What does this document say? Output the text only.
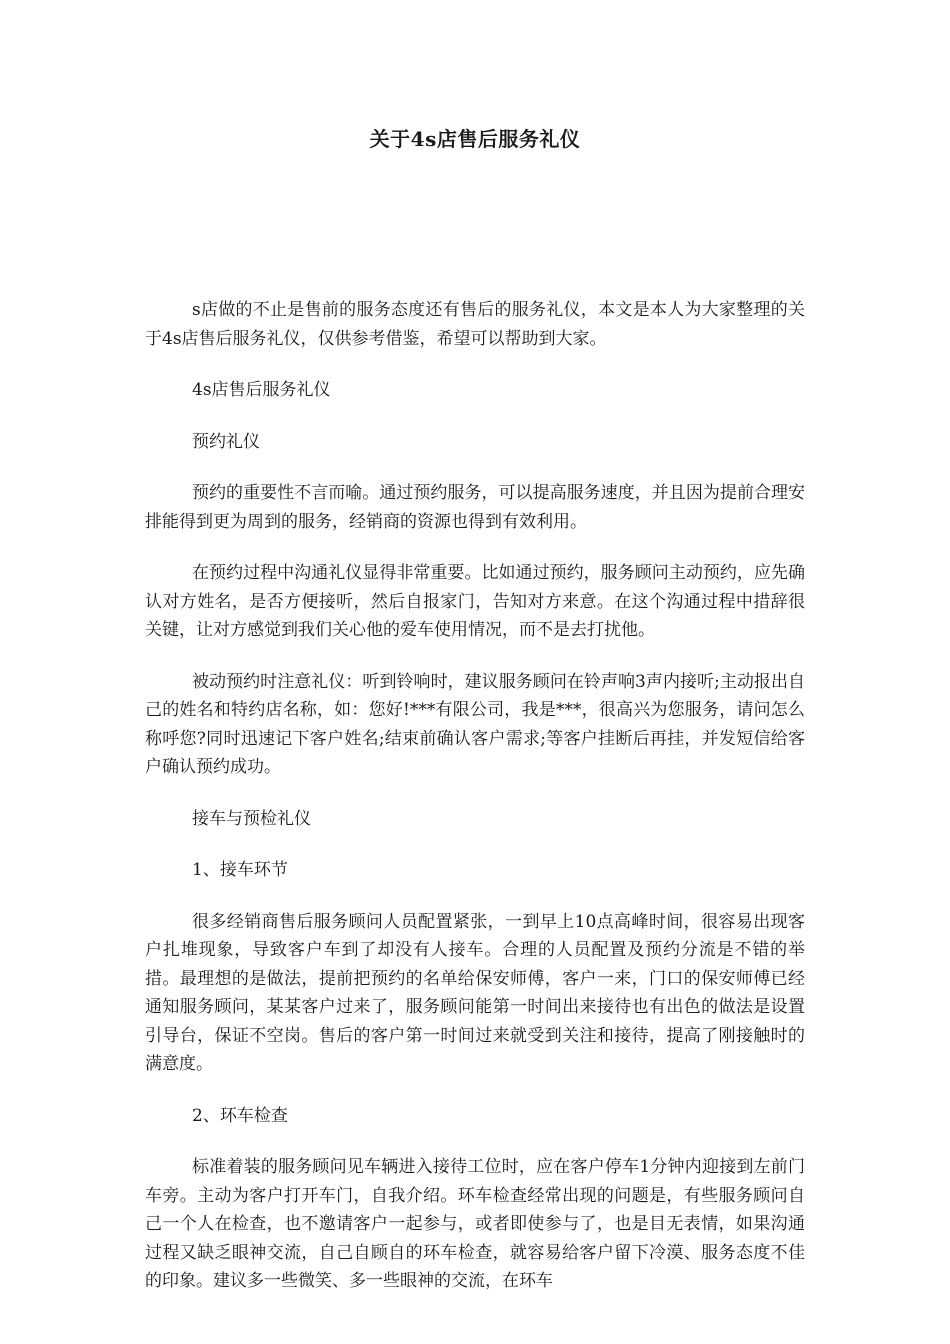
关于4s店售后服务礼仪

s店做的不止是售前的服务态度还有售后的服务礼仪，本文是本人为大家整理的关于4s店售后服务礼仪，仅供参考借鉴，希望可以帮助到大家。

4s店售后服务礼仪

预约礼仪

预约的重要性不言而喻。通过预约服务，可以提高服务速度，并且因为提前合理安排能得到更为周到的服务，经销商的资源也得到有效利用。

在预约过程中沟通礼仪显得非常重要。比如通过预约，服务顾问主动预约，应先确认对方姓名，是否方便接听，然后自报家门，告知对方来意。在这个沟通过程中措辞很关键，让对方感觉到我们关心他的爱车使用情况，而不是去打扰他。

被动预约时注意礼仪：听到铃响时，建议服务顾问在铃声响3声内接听;主动报出自己的姓名和特约店名称，如：您好!***有限公司，我是***，很高兴为您服务，请问怎么称呼您?同时迅速记下客户姓名;结束前确认客户需求;等客户挂断后再挂，并发短信给客户确认预约成功。

接车与预检礼仪

1、接车环节

很多经销商售后服务顾问人员配置紧张，一到早上10点高峰时间，很容易出现客户扎堆现象，导致客户车到了却没有人接车。合理的人员配置及预约分流是不错的举措。最理想的是做法，提前把预约的名单给保安师傅，客户一来，门口的保安师傅已经通知服务顾问，某某客户过来了，服务顾问能第一时间出来接待也有出色的做法是设置引导台，保证不空岗。售后的客户第一时间过来就受到关注和接待，提高了刚接触时的满意度。

2、环车检查

标准着装的服务顾问见车辆进入接待工位时，应在客户停车1分钟内迎接到左前门车旁。主动为客户打开车门，自我介绍。环车检查经常出现的问题是，有些服务顾问自己一个人在检查，也不邀请客户一起参与，或者即使参与了，也是目无表情，如果沟通过程又缺乏眼神交流，自己自顾自的环车检查，就容易给客户留下冷漠、服务态度不佳的印象。建议多一些微笑、多一些眼神的交流，在环车
